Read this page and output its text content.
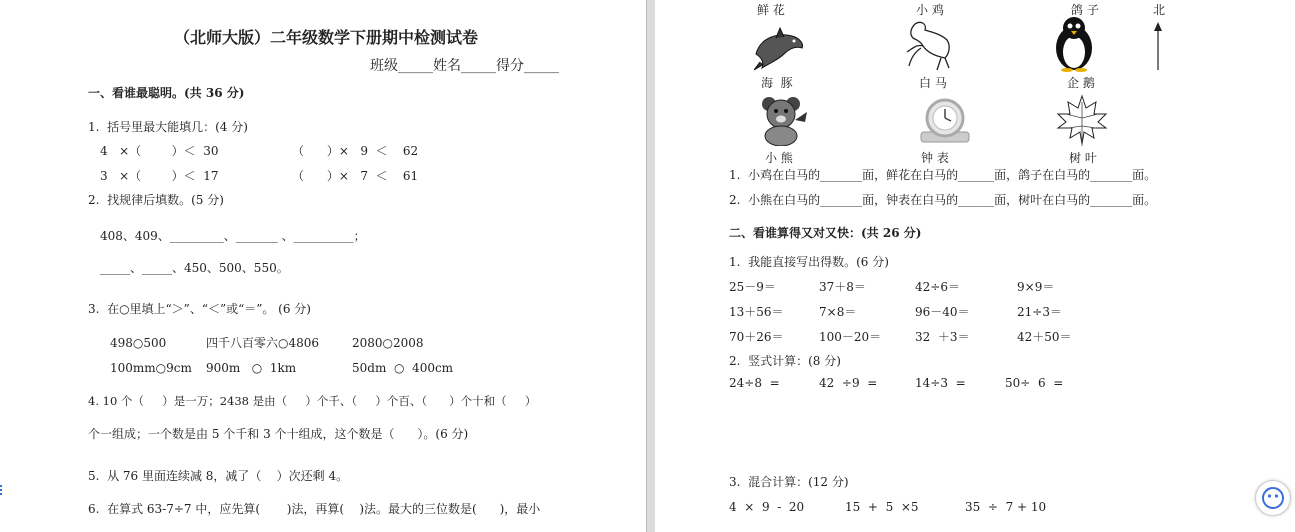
（北师大版）二年级数学下册期中检测试卷
班级_____姓名_____得分_____
一、看谁最聪明。(共 36 分)
1.  括号里最大能填几：(4 分)
4   ×（        ）＜  30	（      ）×   9  ＜    62
3   ×（        ）＜  17	（      ）×   7  ＜    61
2.  找规律后填数。(5 分)
408、409、_________、_______ 、__________；
_____、_____、450、500、550。
3.  在○里填上“＞”、“＜”或“＝”。 (6 分)
498○500	四千八百零六○4806	2080○2008
100mm○9cm 900m   ○  1km	50dm  ○  400cm
4. 10 个（     ）是一万；2438 是由（     ）个千、（     ）个百、（      ）个十和（     ）
个一组成；一个数是由 5 个千和 3 个十组成，这个数是（      ）。(6 分)
5.  从 76 里面连续减 8，减了（    ）次还剩 4。
6.  在算式 63-7÷7 中，应先算(       )法，再算(    )法。最大的三位数是(      )，最小
鲜 花	小 鸡	鸽 子	北
海  豚	白 马	企 鹅
小 熊	钟 表	树 叶
1.  小鸡在白马的_______面，鲜花在白马的______面，鸽子在白马的_______面。
2.  小熊在白马的_______面，钟表在白马的______面，树叶在白马的_______面。
二、看谁算得又对又快：(共 26 分)
1.  我能直接写出得数。(6 分)
25－9＝	37＋8＝	42÷6＝	9×9＝
13＋56＝	7×8＝	96－40＝	21÷3＝
70＋26＝	100－20＝	32  ＋3＝	42＋50＝
2.  竖式计算：(8 分)
24÷8  =	42  ÷9  =	14÷3  =	50÷  6  =
3.  混合计算：(12 分)
4  ×  9  -  20	15  +  5  ×5	35  ÷  7 + 10
